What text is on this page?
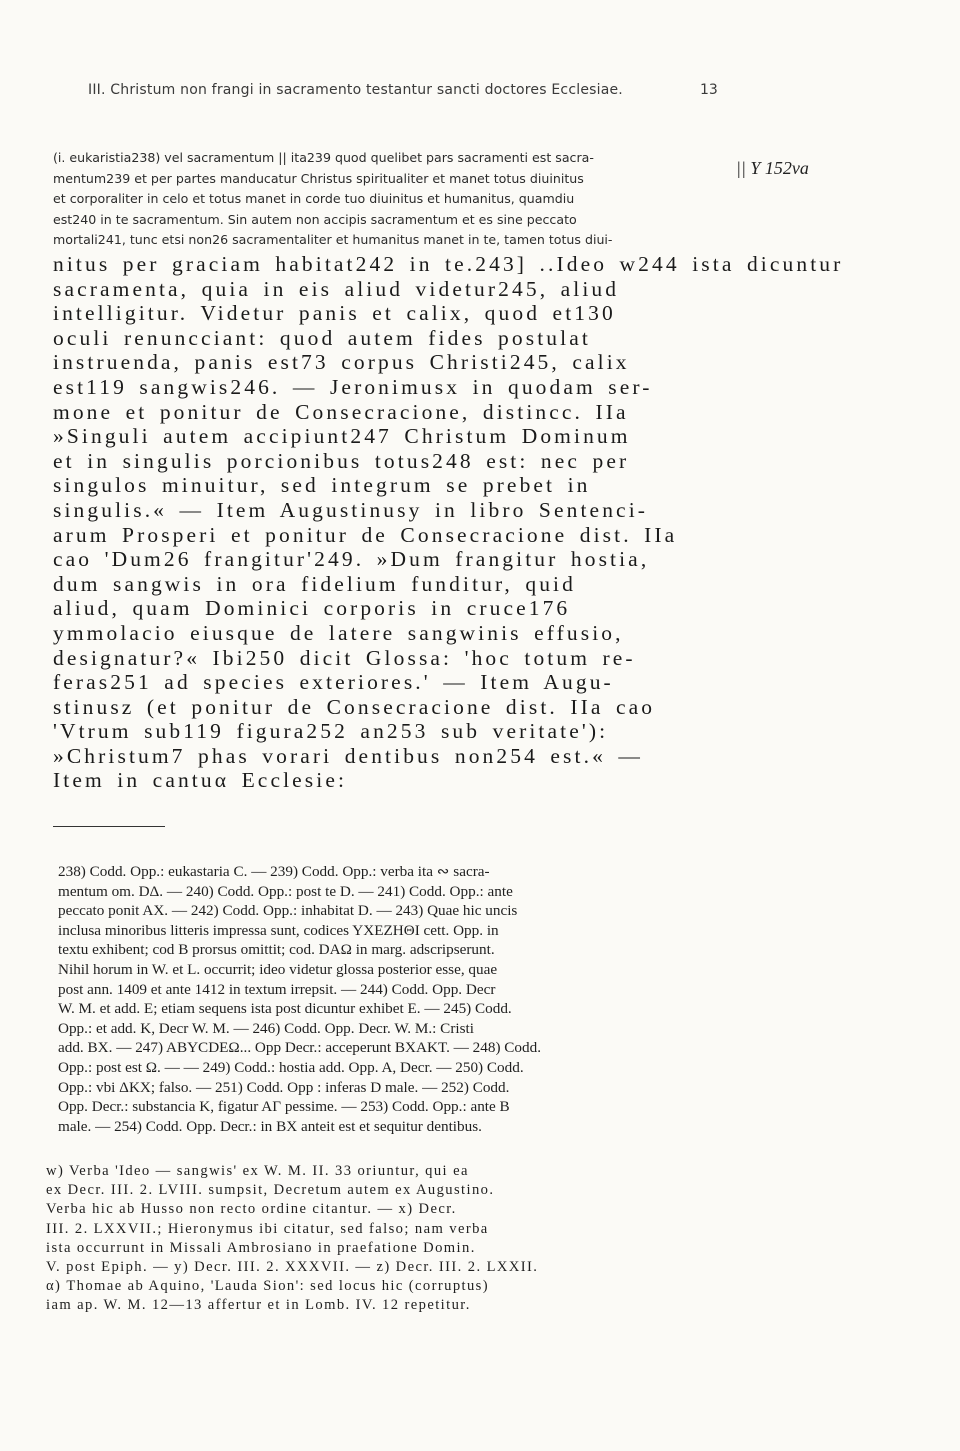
III. Christum non frangi in sacramento testantur sancti doctores Ecclesiae.	13
|| Y 152va
(i. eukaristia238) vel sacramentum || ita239 quod quelibet pars sacramenti est sacra-
mentum239 et per partes manducatur Christus spiritualiter et manet totus diuinitus
et corporaliter in celo et totus manet in corde tuo diuinitus et humanitus, quamdiu
est240 in te sacramentum. Sin autem non accipis sacramentum et es sine peccato
mortali241, tunc etsi non26 sacramentaliter et humanitus manet in te, tamen totus diui-
nitus per graciam habitat242 in te.243] ..Ideo w244 ista dicuntur
sacramenta, quia in eis aliud videtur245, aliud
intelligitur. Videtur panis et calix, quod et130
oculi renuncciant: quod autem fides postulat
instruenda, panis est73 corpus Christi245, calix
est119 sangwis246. — Jeronimusx in quodam ser-
mone et ponitur de Consecracione, distincc. IIa
»Singuli autem accipiunt247 Christum Dominum
et in singulis porcionibus totus248 est: nec per
singulos minuitur, sed integrum se prebet in
singulis.« — Item Augustinusy in libro Sentenci-
arum Prosperi et ponitur de Consecracione dist. IIa
cao 'Dum26 frangitur'249. »Dum frangitur hostia,
dum sangwis in ora fidelium funditur, quid
aliud, quam Dominici corporis in cruce176
ymmolacio eiusque de latere sangwinis effusio,
designatur?« Ibi250 dicit Glossa: 'hoc totum re-
feras251 ad species exteriores.' — Item Augu-
stinusz (et ponitur de Consecracione dist. IIa cao
'Vtrum sub119 figura252 an253 sub veritate'):
»Christum7 phas vorari dentibus non254 est.« —
Item in cantuα Ecclesie:
238) Codd. Opp.: eukastaria C. — 239) Codd. Opp.: verba ita ∾ sacra-
mentum om. DΔ. — 240) Codd. Opp.: post te D. — 241) Codd. Opp.: ante
peccato ponit AX. — 242) Codd. Opp.: inhabitat D. — 243) Quae hic uncis
inclusa minoribus litteris impressa sunt, codices YXEZHΘI cett. Opp. in
textu exhibent; cod B prorsus omittit; cod. DAΩ in marg. adscripserunt.
Nihil horum in W. et L. occurrit; ideo videtur glossa posterior esse, quae
post ann. 1409 et ante 1412 in textum irrepsit. — 244) Codd. Opp. Decr
W. M. et add. E; etiam sequens ista post dicuntur exhibet E. — 245) Codd.
Opp.: et add. K, Decr W. M. — 246) Codd. Opp. Decr. W. M.: Cristi
add. BX. — 247) ABYCDEΩ... Opp Decr.: acceperunt BXAKT. — 248) Codd.
Opp.: post est Ω. — — 249) Codd.: hostia add. Opp. A, Decr. — 250) Codd.
Opp.: vbi ΔKX; falso. — 251) Codd. Opp : inferas D male. — 252) Codd.
Opp. Decr.: substancia K, figatur AΓ pessime. — 253) Codd. Opp.: ante B
male. — 254) Codd. Opp. Decr.: in BX anteit est et sequitur dentibus.
w) Verba 'Ideo — sangwis' ex W. M. II. 33 oriuntur, qui ea
ex Decr. III. 2. LVIII. sumpsit, Decretum autem ex Augustino.
Verba hic ab Husso non recto ordine citantur. — x) Decr.
III. 2. LXXVII.; Hieronymus ibi citatur, sed falso; nam verba
ista occurrunt in Missali Ambrosiano in praefatione Domin.
V. post Epiph. — y) Decr. III. 2. XXXVII. — z) Decr. III. 2. LXXII.
α) Thomae ab Aquino, 'Lauda Sion': sed locus hic (corruptus)
iam ap. W. M. 12—13 affertur et in Lomb. IV. 12 repetitur.
